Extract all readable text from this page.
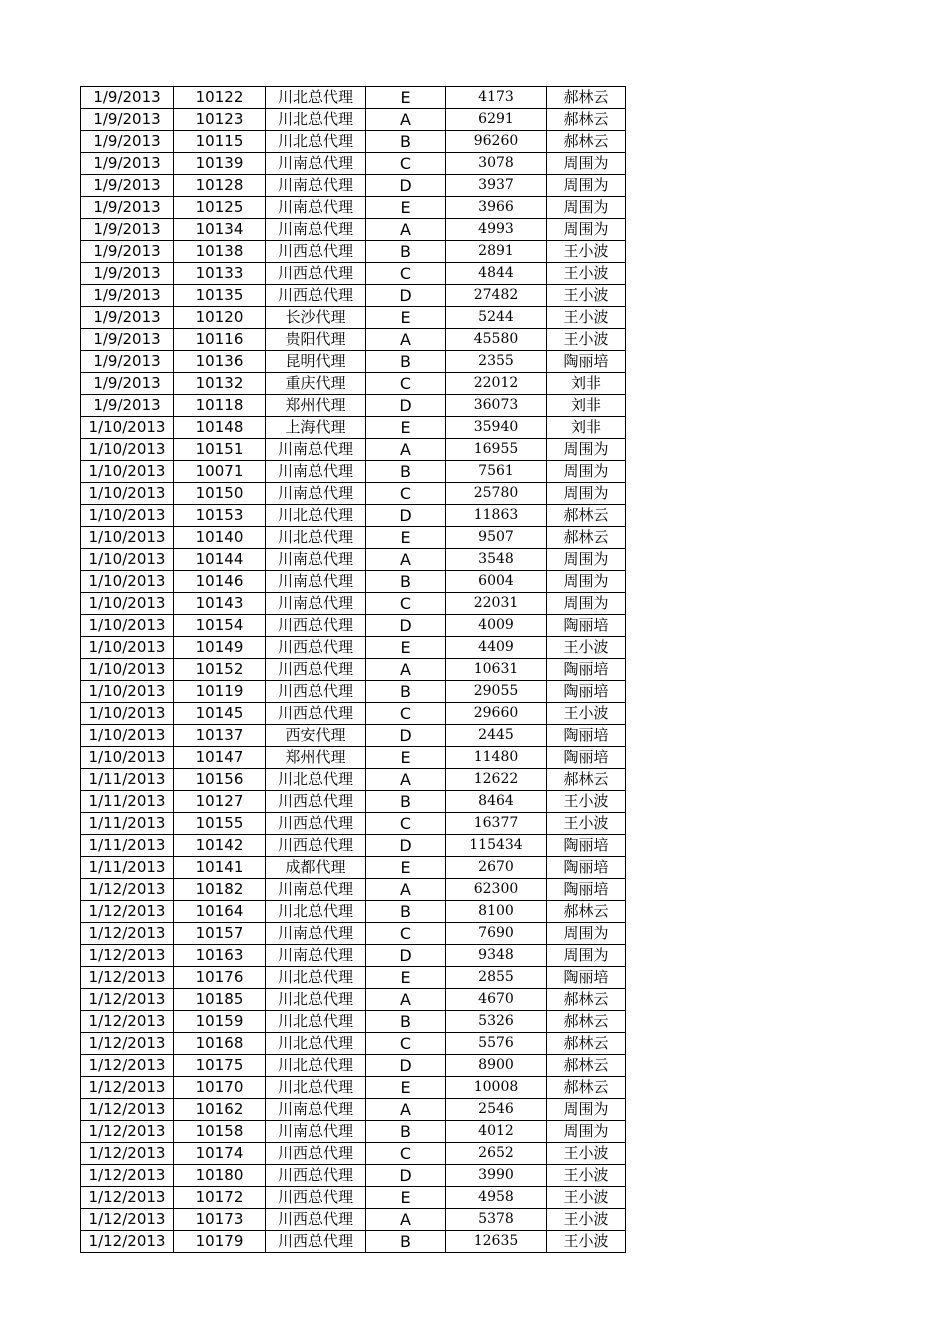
1/9/2013	10122	川北总代理	E	4173	郝林云
1/9/2013	10123	川北总代理	A	6291	郝林云
1/9/2013	10115	川北总代理	B	96260	郝林云
1/9/2013	10139	川南总代理	C	3078	周围为
1/9/2013	10128	川南总代理	D	3937	周围为
1/9/2013	10125	川南总代理	E	3966	周围为
1/9/2013	10134	川南总代理	A	4993	周围为
1/9/2013	10138	川西总代理	B	2891	王小波
1/9/2013	10133	川西总代理	C	4844	王小波
1/9/2013	10135	川西总代理	D	27482	王小波
1/9/2013	10120	长沙代理	E	5244	王小波
1/9/2013	10116	贵阳代理	A	45580	王小波
1/9/2013	10136	昆明代理	B	2355	陶丽培
1/9/2013	10132	重庆代理	C	22012	刘非
1/9/2013	10118	郑州代理	D	36073	刘非
1/10/2013	10148	上海代理	E	35940	刘非
1/10/2013	10151	川南总代理	A	16955	周围为
1/10/2013	10071	川南总代理	B	7561	周围为
1/10/2013	10150	川南总代理	C	25780	周围为
1/10/2013	10153	川北总代理	D	11863	郝林云
1/10/2013	10140	川北总代理	E	9507	郝林云
1/10/2013	10144	川南总代理	A	3548	周围为
1/10/2013	10146	川南总代理	B	6004	周围为
1/10/2013	10143	川南总代理	C	22031	周围为
1/10/2013	10154	川西总代理	D	4009	陶丽培
1/10/2013	10149	川西总代理	E	4409	王小波
1/10/2013	10152	川西总代理	A	10631	陶丽培
1/10/2013	10119	川西总代理	B	29055	陶丽培
1/10/2013	10145	川西总代理	C	29660	王小波
1/10/2013	10137	西安代理	D	2445	陶丽培
1/10/2013	10147	郑州代理	E	11480	陶丽培
1/11/2013	10156	川北总代理	A	12622	郝林云
1/11/2013	10127	川西总代理	B	8464	王小波
1/11/2013	10155	川西总代理	C	16377	王小波
1/11/2013	10142	川西总代理	D	115434	陶丽培
1/11/2013	10141	成都代理	E	2670	陶丽培
1/12/2013	10182	川南总代理	A	62300	陶丽培
1/12/2013	10164	川北总代理	B	8100	郝林云
1/12/2013	10157	川南总代理	C	7690	周围为
1/12/2013	10163	川南总代理	D	9348	周围为
1/12/2013	10176	川北总代理	E	2855	陶丽培
1/12/2013	10185	川北总代理	A	4670	郝林云
1/12/2013	10159	川北总代理	B	5326	郝林云
1/12/2013	10168	川北总代理	C	5576	郝林云
1/12/2013	10175	川北总代理	D	8900	郝林云
1/12/2013	10170	川北总代理	E	10008	郝林云
1/12/2013	10162	川南总代理	A	2546	周围为
1/12/2013	10158	川南总代理	B	4012	周围为
1/12/2013	10174	川西总代理	C	2652	王小波
1/12/2013	10180	川西总代理	D	3990	王小波
1/12/2013	10172	川西总代理	E	4958	王小波
1/12/2013	10173	川西总代理	A	5378	王小波
1/12/2013	10179	川西总代理	B	12635	王小波
